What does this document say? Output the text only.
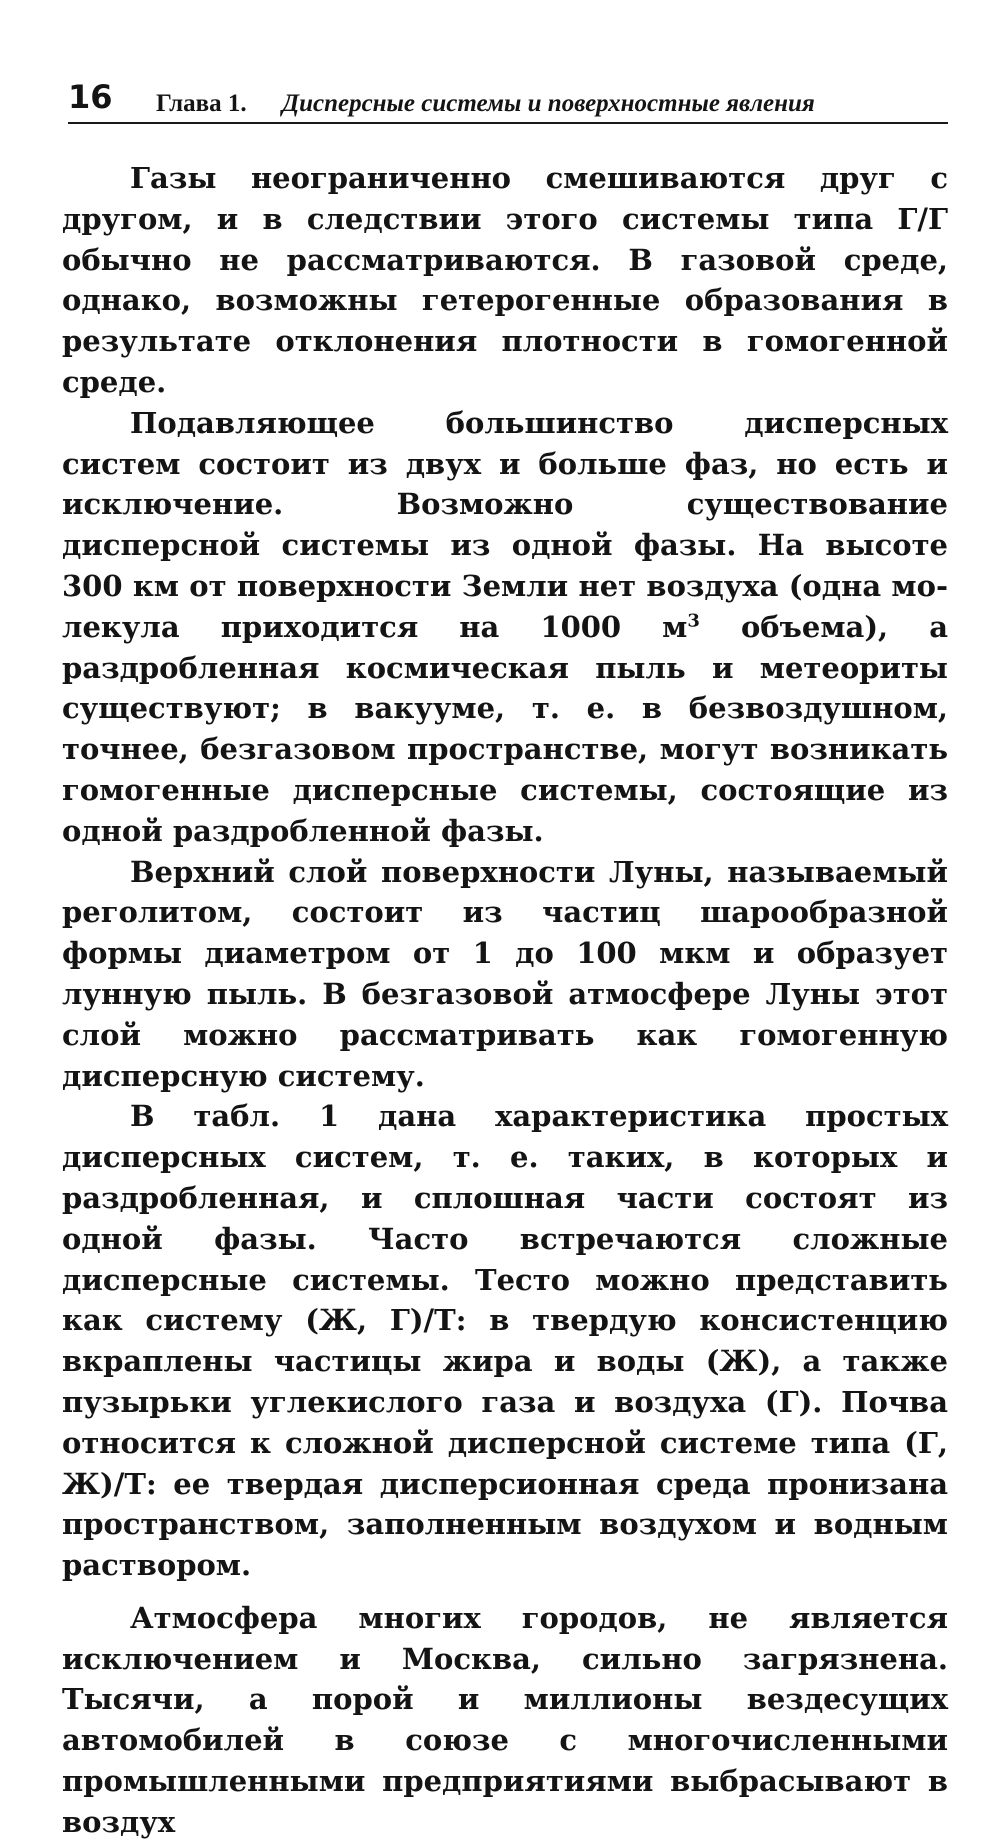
16 Глава 1. Дисперсные системы и поверхностные явления

Газы неограниченно смешиваются друг с другом, и в следствии этого системы типа Г/Г обычно не рассматриваются. В газовой среде, однако, возможны гетерогенные образования в результате отклонения плотности в гомогенной среде.

Подавляющее большинство дисперсных систем состоит из двух и больше фаз, но есть и исключение. Возможно существование дисперсной системы из одной фазы. На высоте 300 км от поверхности Земли нет воздуха (одна молекула приходится на 1000 $м^3$ объема), а раздробленная космическая пыль и метеориты существуют; в вакууме, т. е. в безвоздушном, точнее, безгазовом пространстве, могут возникать гомогенные дисперсные системы, состоящие из одной раздробленной фазы.

Верхний слой поверхности Луны, называемый реголитом, состоит из частиц шарообразной формы диаметром от 1 до 100 мкм и образует лунную пыль. В безгазовой атмосфере Луны этот слой можно рассматривать как гомогенную дисперсную систему.

В табл. 1 дана характеристика простых дисперсных систем, т. е. таких, в которых и раздробленная, и сплошная части состоят из одной фазы. Часто встречаются сложные дисперсные системы. Тесто можно представить как систему (Ж, Г)/Т: в твердую консистенцию вкраплены частицы жира и воды (Ж), а также пузырьки углекислого газа и воздуха (Г). Почва относится к сложной дисперсной системе типа (Г, Ж)/Т: ее твердая дисперсионная среда пронизана пространством, заполненным воздухом и водным раствором.

Атмосфера многих городов, не является исключением и Москва, сильно загрязнена. Тысячи, а порой и миллионы вездесущих автомобилей в союзе с многочисленными промышленными предприятиями выбрасывают в воздух
